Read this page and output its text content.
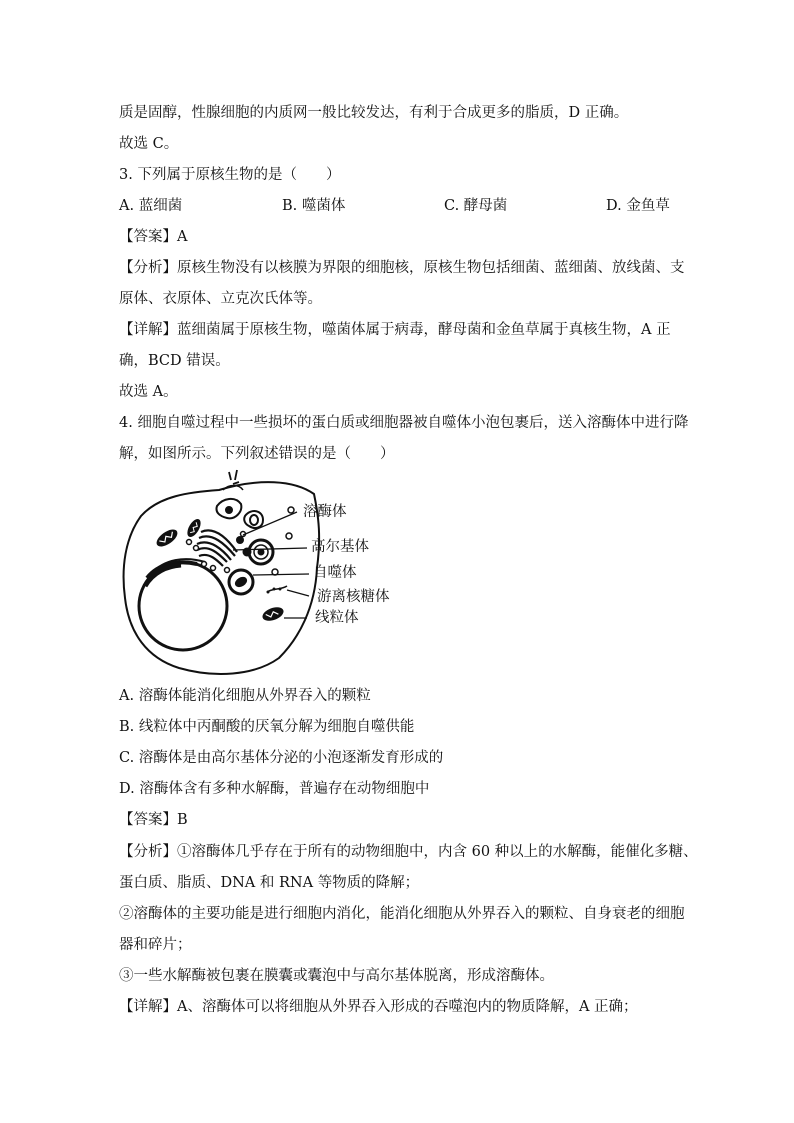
质是固醇，性腺细胞的内质网一般比较发达，有利于合成更多的脂质，D 正确。
故选 C。
3. 下列属于原核生物的是（　　）
A. 蓝细菌	B. 噬菌体	C. 酵母菌	D. 金鱼草
【答案】A
【分析】原核生物没有以核膜为界限的细胞核，原核生物包括细菌、蓝细菌、放线菌、支
原体、衣原体、立克次氏体等。
【详解】蓝细菌属于原核生物，噬菌体属于病毒，酵母菌和金鱼草属于真核生物，A 正
确，BCD 错误。
故选 A。
4. 细胞自噬过程中一些损坏的蛋白质或细胞器被自噬体小泡包裹后，送入溶酶体中进行降
解，如图所示。下列叙述错误的是（　　）
溶酶体
高尔基体
自噬体
游离核糖体
线粒体
A. 溶酶体能消化细胞从外界吞入的颗粒
B. 线粒体中丙酮酸的厌氧分解为细胞自噬供能
C. 溶酶体是由高尔基体分泌的小泡逐渐发育形成的
D. 溶酶体含有多种水解酶，普遍存在动物细胞中
【答案】B
【分析】①溶酶体几乎存在于所有的动物细胞中，内含 60 种以上的水解酶，能催化多糖、
蛋白质、脂质、DNA 和 RNA 等物质的降解；
②溶酶体的主要功能是进行细胞内消化，能消化细胞从外界吞入的颗粒、自身衰老的细胞
器和碎片；
③一些水解酶被包裹在膜囊或囊泡中与高尔基体脱离，形成溶酶体。
【详解】A、溶酶体可以将细胞从外界吞入形成的吞噬泡内的物质降解，A 正确；
